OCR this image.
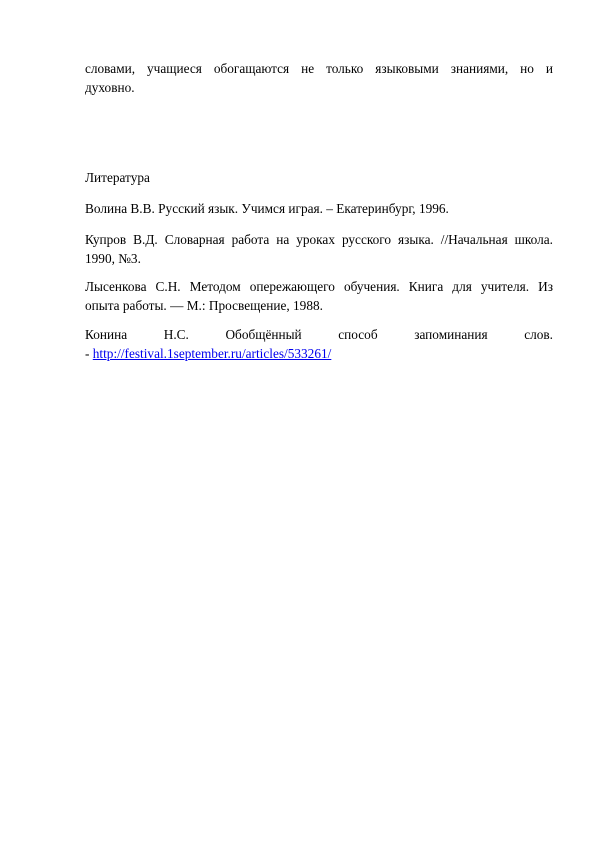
словами, учащиеся обогащаются не только языковыми знаниями, но и
духовно.

Литература

Волина В.В. Русский язык. Учимся играя. – Екатеринбург, 1996.

Купров В.Д. Словарная работа на уроках русского языка. //Начальная школа.
1990, №3.

Лысенкова С.Н. Методом опережающего обучения. Книга для учителя. Из
опыта работы. — М.: Просвещение, 1988.

Конина Н.С. Обобщённый способ запоминания слов.
- http://festival.1september.ru/articles/533261/
